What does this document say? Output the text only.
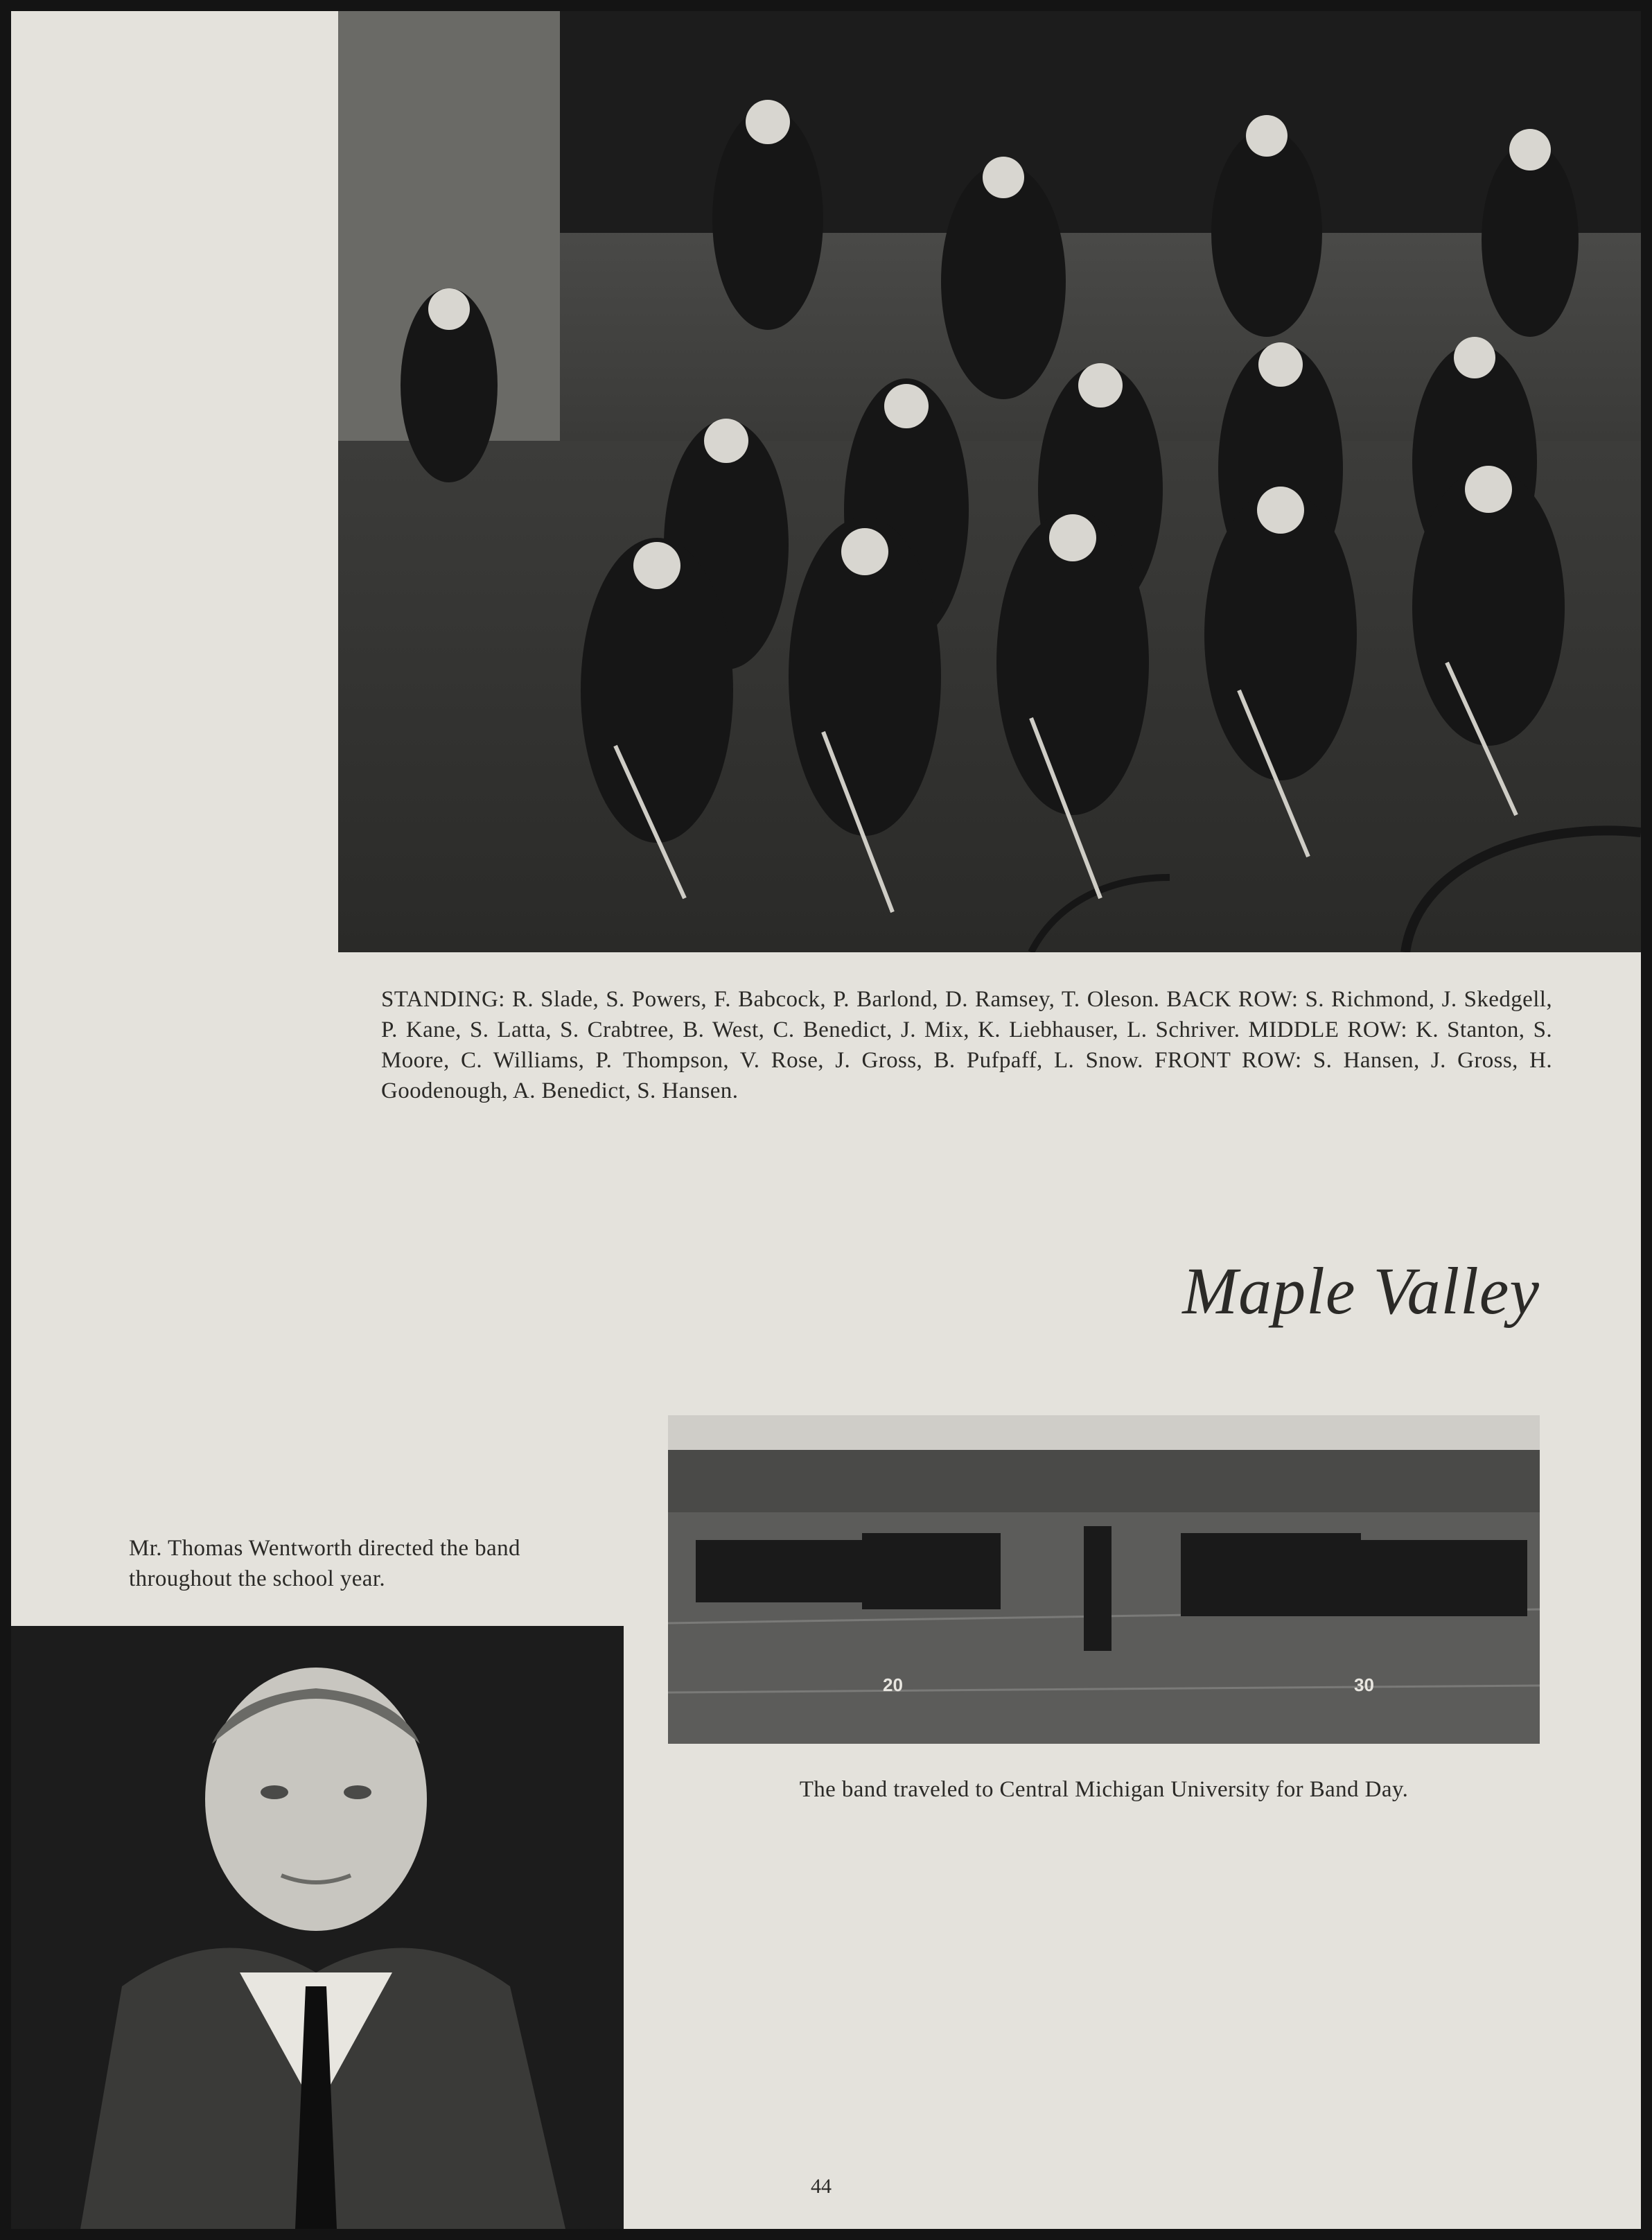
STANDING: R. Slade, S. Powers, F. Babcock, P. Barlond, D. Ramsey, T. Oleson. BACK ROW: S. Richmond, J. Skedgell, P. Kane, S. Latta, S. Crabtree, B. West, C. Benedict, J. Mix, K. Liebhauser, L. Schriver. MIDDLE ROW: K. Stanton, S. Moore, C. Williams, P. Thompson, V. Rose, J. Gross, B. Pufpaff, L. Snow. FRONT ROW: S. Hansen, J. Gross, H. Goodenough, A. Benedict, S. Hansen.
Maple Valley
Mr. Thomas Wentworth directed the band throughout the school year.
20	30
The band traveled to Central Michigan University for Band Day.
44
